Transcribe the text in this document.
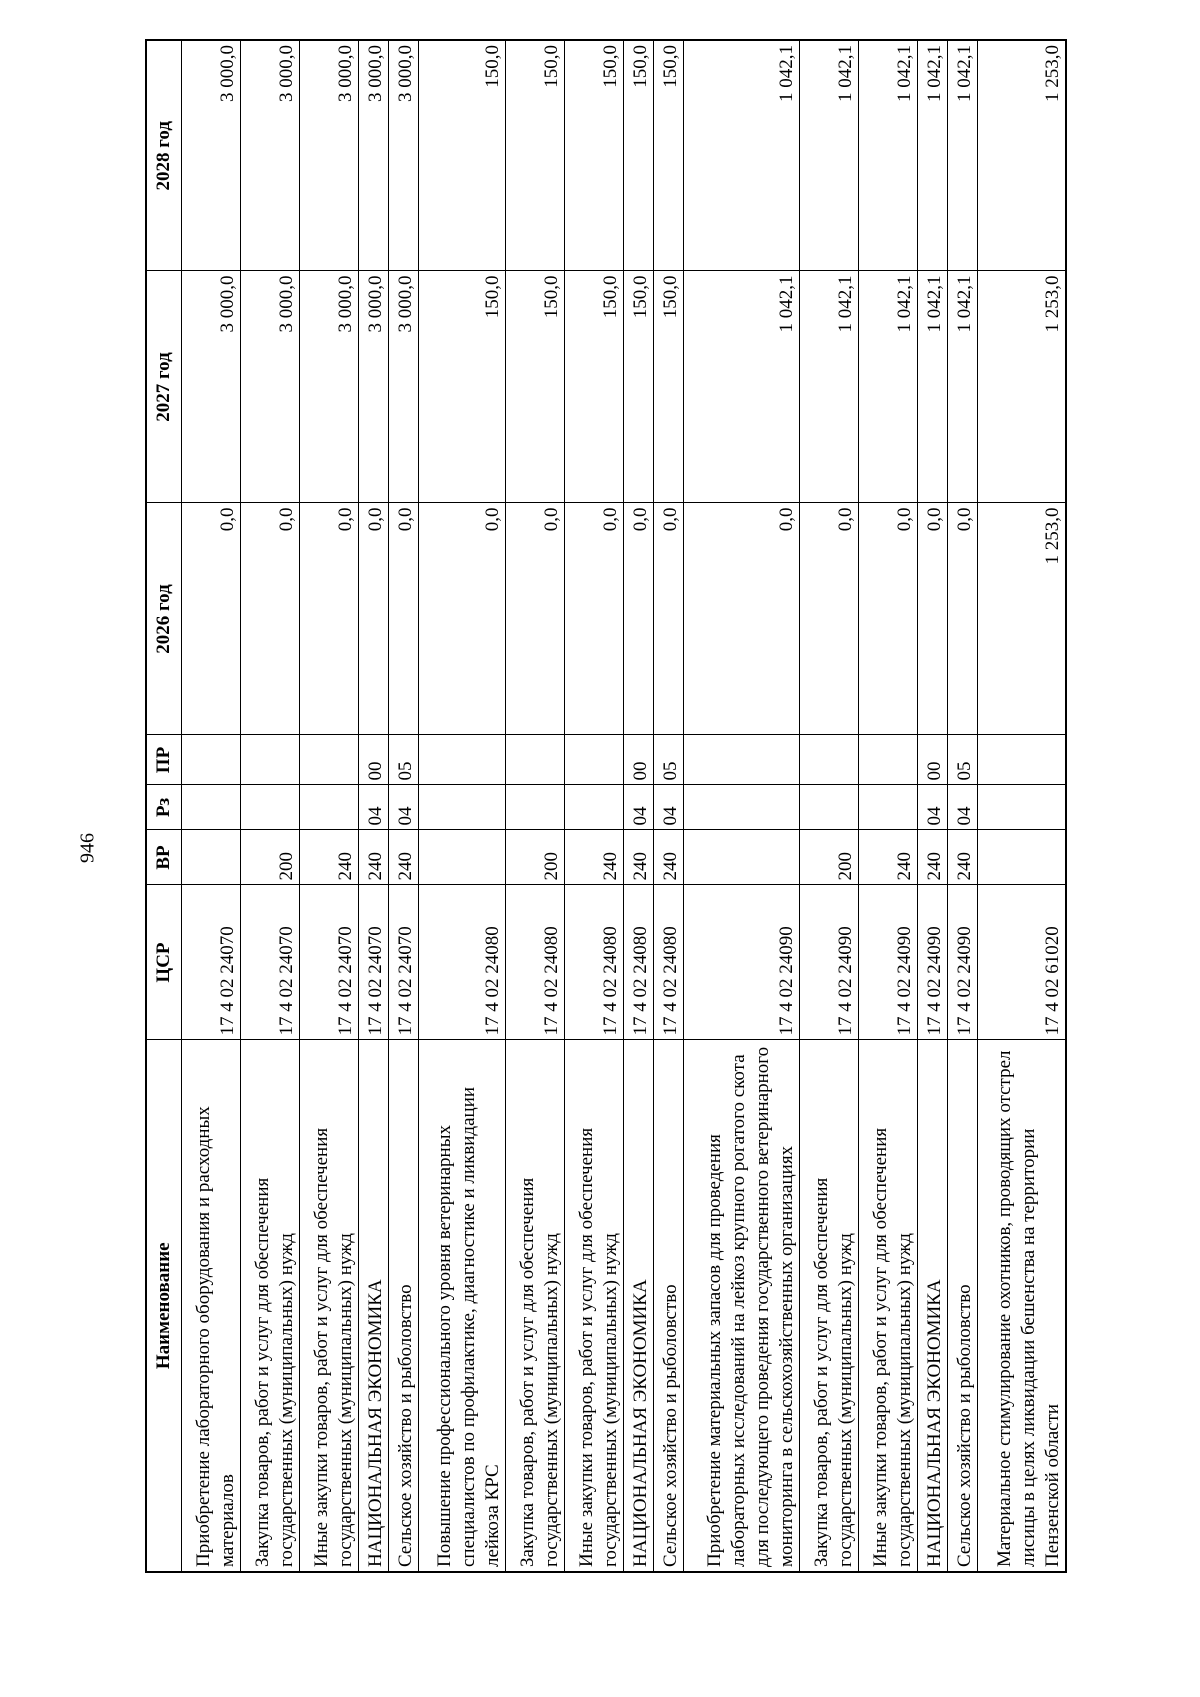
946
Наименование	ЦСР	ВР	Рз	ПР	2026 год	2027 год	2028 год
Приобретение лабораторного оборудования и расходных материалов	17 4 02 24070				0,0	3 000,0	3 000,0
Закупка товаров, работ и услуг для обеспечения государственных (муниципальных) нужд	17 4 02 24070	200			0,0	3 000,0	3 000,0
Иные закупки товаров, работ и услуг для обеспечения государственных (муниципальных) нужд	17 4 02 24070	240			0,0	3 000,0	3 000,0
НАЦИОНАЛЬНАЯ ЭКОНОМИКА	17 4 02 24070	240	04	00	0,0	3 000,0	3 000,0
Сельское хозяйство и рыболовство	17 4 02 24070	240	04	05	0,0	3 000,0	3 000,0
Повышение профессионального уровня ветеринарных специалистов по профилактике, диагностике и ликвидации лейкоза КРС	17 4 02 24080				0,0	150,0	150,0
Закупка товаров, работ и услуг для обеспечения государственных (муниципальных) нужд	17 4 02 24080	200			0,0	150,0	150,0
Иные закупки товаров, работ и услуг для обеспечения государственных (муниципальных) нужд	17 4 02 24080	240			0,0	150,0	150,0
НАЦИОНАЛЬНАЯ ЭКОНОМИКА	17 4 02 24080	240	04	00	0,0	150,0	150,0
Сельское хозяйство и рыболовство	17 4 02 24080	240	04	05	0,0	150,0	150,0
Приобретение материальных запасов для проведения лабораторных исследований на лейкоз крупного рогатого скота для последующего проведения государственного ветеринарного мониторинга в сельскохозяйственных организациях	17 4 02 24090				0,0	1 042,1	1 042,1
Закупка товаров, работ и услуг для обеспечения государственных (муниципальных) нужд	17 4 02 24090	200			0,0	1 042,1	1 042,1
Иные закупки товаров, работ и услуг для обеспечения государственных (муниципальных) нужд	17 4 02 24090	240			0,0	1 042,1	1 042,1
НАЦИОНАЛЬНАЯ ЭКОНОМИКА	17 4 02 24090	240	04	00	0,0	1 042,1	1 042,1
Сельское хозяйство и рыболовство	17 4 02 24090	240	04	05	0,0	1 042,1	1 042,1
Материальное стимулирование охотников, проводящих отстрел лисицы в целях ликвидации бешенства на территории Пензенской области	17 4 02 61020				1 253,0	1 253,0	1 253,0
